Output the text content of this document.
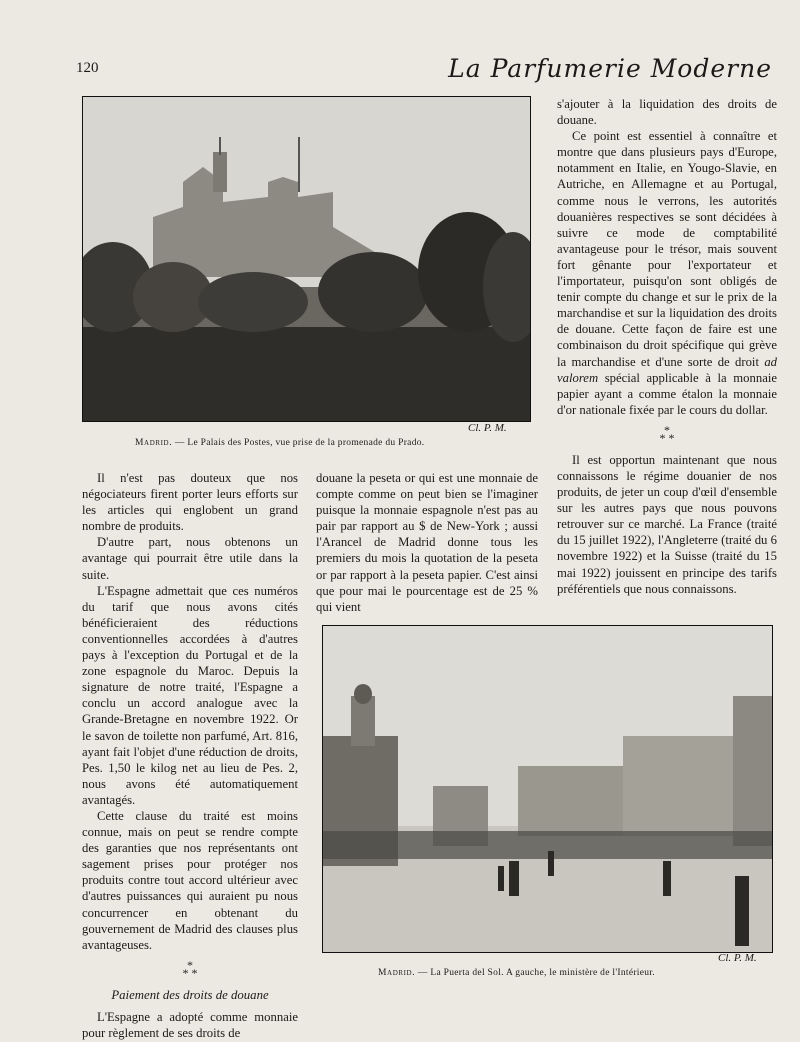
120	La Parfumerie Moderne
Cl. P. M.
Madrid. — Le Palais des Postes, vue prise de la promenade du Prado.

s'ajouter à la liquidation des droits de douane.

Ce point est essentiel à connaître et montre que dans plusieurs pays d'Europe, notamment en Italie, en Yougo-Slavie, en Autriche, en Allemagne et au Portugal, comme nous le verrons, les autorités douanières respectives se sont décidées à suivre ce mode de comptabilité avantageuse pour le trésor, mais souvent fort gênante pour l'exportateur et l'importateur, puisqu'on sont obligés de tenir compte du change et sur le prix de la marchandise et sur la liquidation des droits de douane. Cette façon de faire est une combinaison du droit spécifique qui grève la marchandise et d'une sorte de droit ad valorem spécial applicable à la monnaie papier ayant a comme étalon la monnaie d'or nationale fixée par le cours du dollar.

*
* *

Il est opportun maintenant que nous connaissons le régime douanier de nos produits, de jeter un coup d'œil d'ensemble sur les autres pays que nous pouvons retrouver sur ce marché. La France (traité du 15 juillet 1922), l'Angleterre (traité du 6 novembre 1922) et la Suisse (traité du 15 mai 1922) jouissent en principe des tarifs préférentiels que nous connaissons.

Il n'est pas douteux que nos négociateurs firent porter leurs efforts sur les articles qui englobent un grand nombre de produits.

D'autre part, nous obtenons un avantage qui pourrait être utile dans la suite.

L'Espagne admettait que ces numéros du tarif que nous avons cités bénéficieraient des réductions conventionnelles accordées à d'autres pays à l'exception du Portugal et de la zone espagnole du Maroc. Depuis la signature de notre traité, l'Espagne a conclu un accord analogue avec la Grande-Bretagne en novembre 1922. Or le savon de toilette non parfumé, Art. 816, ayant fait l'objet d'une réduction de droits, Pes. 1,50 le kilog net au lieu de Pes. 2, nous avons été automatiquement avantagés.

Cette clause du traité est moins connue, mais on peut se rendre compte des garanties que nos représentants ont sagement prises pour protéger nos produits contre tout accord ultérieur avec d'autres puissances qui auraient pu nous concurrencer en obtenant du gouvernement de Madrid des clauses plus avantageuses.

*
* *
Paiement des droits de douane

L'Espagne a adopté comme monnaie pour règlement de ses droits de

douane la peseta or qui est une monnaie de compte comme on peut bien se l'imaginer puisque la monnaie espagnole n'est pas au pair par rapport au $ de New-York ; aussi l'Arancel de Madrid donne tous les premiers du mois la quotation de la peseta or par rapport à la peseta papier. C'est ainsi que pour mai le pourcentage est de 25 % qui vient

Cl. P. M.
Madrid. — La Puerta del Sol. A gauche, le ministère de l'Intérieur.
